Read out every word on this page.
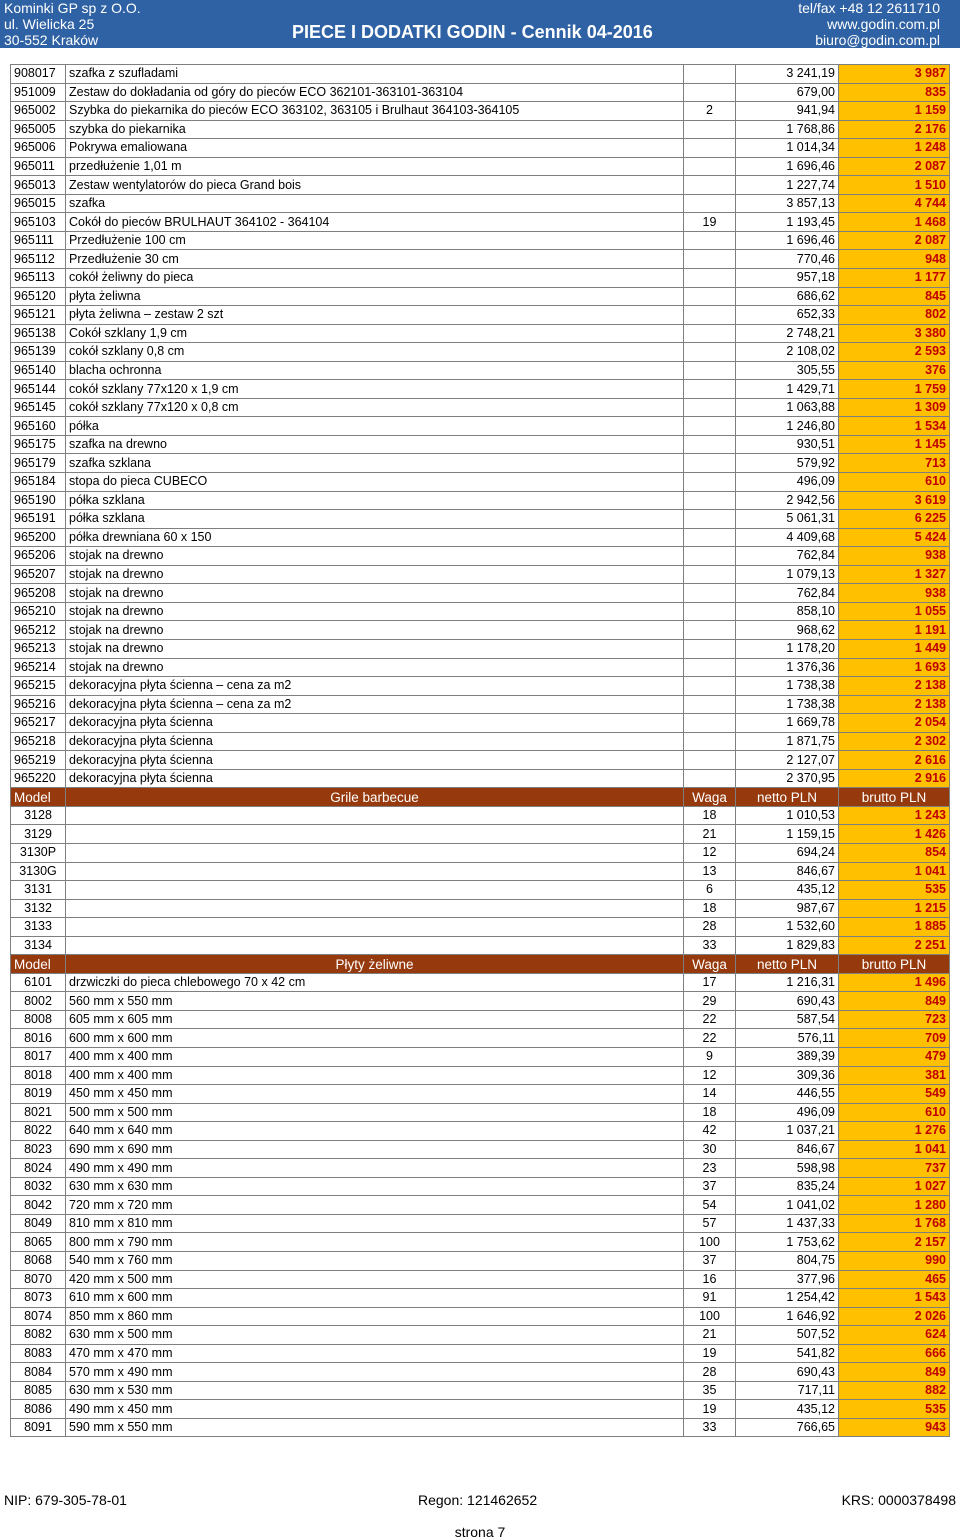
Kominki GP sp z O.O.
ul. Wielicka 25
30-552 Kraków	PIECE I DODATKI GODIN - Cennik 04-2016
tel/fax +48 12 2611710
www.godin.com.pl
biuro@godin.com.pl
908017	szafka z szufladami		3 241,19	3 987
951009	Zestaw do dokładania od góry do pieców ECO 362101-363101-363104		679,00	835
965002	Szybka do piekarnika do pieców ECO 363102, 363105 i Brulhaut 364103-364105	2	941,94	1 159
965005	szybka do piekarnika		1 768,86	2 176
965006	Pokrywa emaliowana		1 014,34	1 248
965011	przedłużenie 1,01 m		1 696,46	2 087
965013	Zestaw wentylatorów do pieca Grand bois		1 227,74	1 510
965015	szafka		3 857,13	4 744
965103	Cokół do pieców BRULHAUT 364102 - 364104	19	1 193,45	1 468
965111	Przedłużenie 100 cm		1 696,46	2 087
965112	Przedłużenie 30 cm		770,46	948
965113	cokół żeliwny do pieca		957,18	1 177
965120	płyta żeliwna		686,62	845
965121	płyta żeliwna – zestaw 2 szt		652,33	802
965138	Cokół szklany 1,9 cm		2 748,21	3 380
965139	cokół szklany 0,8 cm		2 108,02	2 593
965140	blacha ochronna		305,55	376
965144	cokół szklany 77x120 x 1,9 cm		1 429,71	1 759
965145	cokół szklany 77x120 x 0,8 cm		1 063,88	1 309
965160	półka		1 246,80	1 534
965175	szafka na drewno		930,51	1 145
965179	szafka szklana		579,92	713
965184	stopa do pieca CUBECO		496,09	610
965190	półka szklana		2 942,56	3 619
965191	półka szklana		5 061,31	6 225
965200	półka drewniana 60 x 150		4 409,68	5 424
965206	stojak na drewno		762,84	938
965207	stojak na drewno		1 079,13	1 327
965208	stojak na drewno		762,84	938
965210	stojak na drewno		858,10	1 055
965212	stojak na drewno		968,62	1 191
965213	stojak na drewno		1 178,20	1 449
965214	stojak na drewno		1 376,36	1 693
965215	dekoracyjna płyta ścienna – cena za m2		1 738,38	2 138
965216	dekoracyjna płyta ścienna – cena za m2		1 738,38	2 138
965217	dekoracyjna płyta ścienna		1 669,78	2 054
965218	dekoracyjna płyta ścienna		1 871,75	2 302
965219	dekoracyjna płyta ścienna		2 127,07	2 616
965220	dekoracyjna płyta ścienna		2 370,95	2 916
Model	Grile barbecue	Waga	netto PLN	brutto PLN
3128		18	1 010,53	1 243
3129		21	1 159,15	1 426
3130P		12	694,24	854
3130G		13	846,67	1 041
3131		6	435,12	535
3132		18	987,67	1 215
3133		28	1 532,60	1 885
3134		33	1 829,83	2 251
Model	Płyty żeliwne	Waga	netto PLN	brutto PLN
6101	drzwiczki do pieca chlebowego 70 x 42 cm	17	1 216,31	1 496
8002	560 mm x 550 mm	29	690,43	849
8008	605 mm x 605 mm	22	587,54	723
8016	600 mm x 600 mm	22	576,11	709
8017	400 mm x 400 mm	9	389,39	479
8018	400 mm x 400 mm	12	309,36	381
8019	450 mm x 450 mm	14	446,55	549
8021	500 mm x 500 mm	18	496,09	610
8022	640 mm x 640 mm	42	1 037,21	1 276
8023	690 mm x 690 mm	30	846,67	1 041
8024	490 mm x 490 mm	23	598,98	737
8032	630 mm x 630 mm	37	835,24	1 027
8042	720 mm x 720 mm	54	1 041,02	1 280
8049	810 mm x 810 mm	57	1 437,33	1 768
8065	800 mm x 790 mm	100	1 753,62	2 157
8068	540 mm x 760 mm	37	804,75	990
8070	420 mm x 500 mm	16	377,96	465
8073	610 mm x 600 mm	91	1 254,42	1 543
8074	850 mm x 860 mm	100	1 646,92	2 026
8082	630 mm x 500 mm	21	507,52	624
8083	470 mm x 470 mm	19	541,82	666
8084	570 mm x 490 mm	28	690,43	849
8085	630 mm x 530 mm	35	717,11	882
8086	490 mm x 450 mm	19	435,12	535
8091	590 mm x 550 mm	33	766,65	943
NIP: 679-305-78-01	Regon: 121462652	KRS: 0000378498
strona 7
